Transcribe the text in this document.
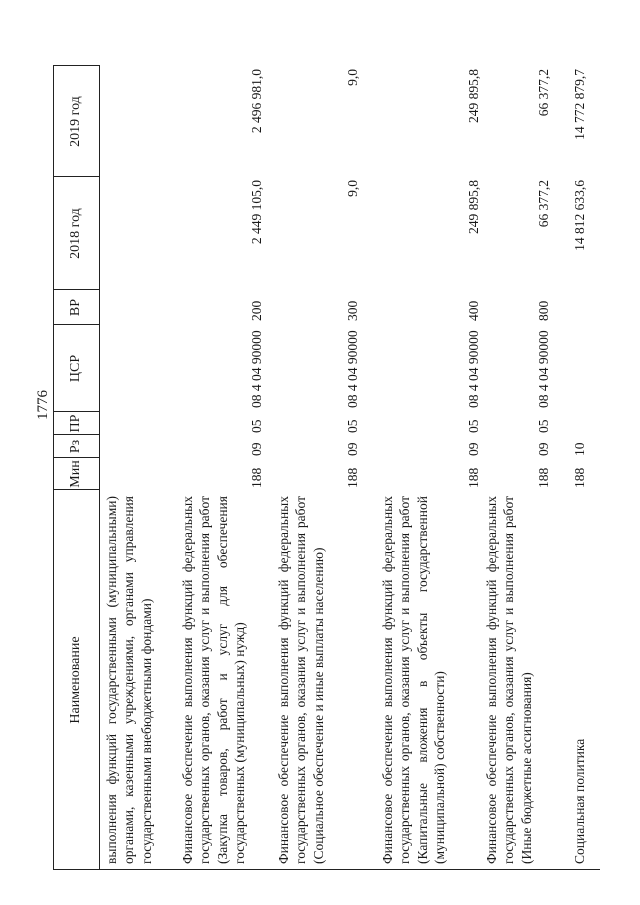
1776
Наименование
Мин
Рз
ПР
ЦСР
ВР
2018 год
2019 год
выполнения функций государственными (муниципальными) органами, казенными учреждениями, органами управления государственными внебюджетными фондами) Финансовое обеспечение выполнения функций федеральных государственных органов, оказания услуг и выполнения работ (Закупка товаров, работ и услуг для обеспечения государственных (муниципальных) нужд)
188
09
05
08 4 04 90000
200
2 449 105,0
2 496 981,0
Финансовое обеспечение выполнения функций федеральных государственных органов, оказания услуг и выполнения работ (Социальное обеспечение и иные выплаты населению)
188
09
05
08 4 04 90000
300
9,0
9,0
Финансовое обеспечение выполнения функций федеральных государственных органов, оказания услуг и выполнения работ (Капитальные вложения в объекты государственной (муниципальной) собственности)
188
09
05
08 4 04 90000
400
249 895,8
249 895,8
Финансовое обеспечение выполнения функций федеральных государственных органов, оказания услуг и выполнения работ (Иные бюджетные ассигнования)
188
09
05
08 4 04 90000
800
66 377,2
66 377,2
Социальная политика
188
10
14 812 633,6
14 772 879,7
